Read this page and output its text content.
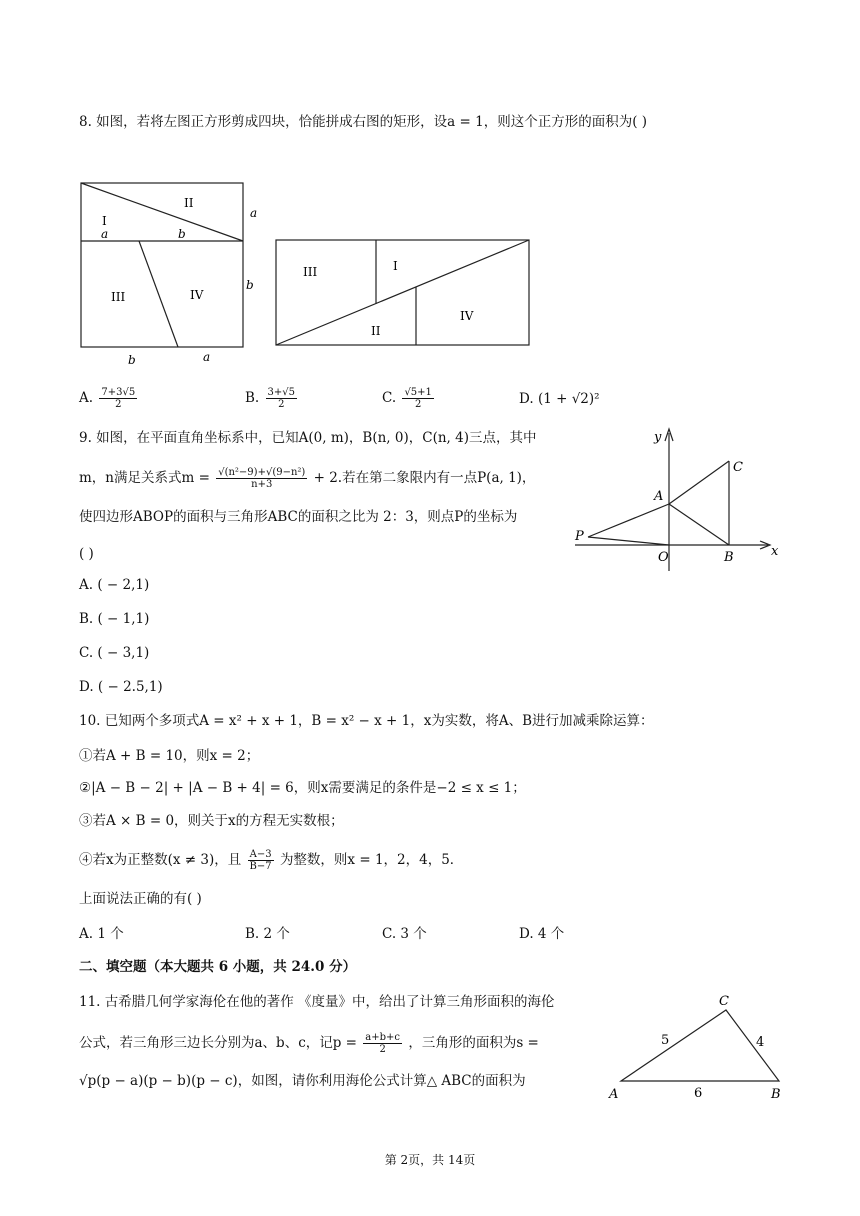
8. 如图，若将左图正方形剪成四块，恰能拼成右图的矩形，设a = 1，则这个正方形的面积为( )
II
I
a	b
III	IV
a
b
b	a
III	I
II
IV
A. $\frac{7+3√5}{2}$	B. $\frac{3+√5}{2}$	C. $\frac{√5+1}{2}$	D. (1 + √2)²
9. 如图，在平面直角坐标系中，已知A(0, m)，B(n, 0)，C(n, 4)三点，其中
m，n满足关系式$m = \frac{\text{√(n²−9)+√(9−n²)}}{n+3} + 2$.若在第二象限内有一点P(a, 1)，
使四边形ABOP的面积与三角形ABC的面积之比为 2：3，则点P的坐标为
( )
y
x
A
C
B
O
P
A. ( − 2,1)
B. ( − 1,1)
C. ( − 3,1)
D. ( − 2.5,1)
10. 已知两个多项式A = x² + x + 1，B = x² − x + 1，x为实数，将A、B进行加减乘除运算：
①若A + B = 10，则x = 2；
②|A − B − 2| + |A − B + 4| = 6，则x需要满足的条件是−2 ≤ x ≤ 1；
③若A × B = 0，则关于x的方程无实数根；
④若x为正整数(x ≠ 3)，且 $\frac{A-3}{B-7}$ 为整数，则x = 1，2，4，5．
上面说法正确的有( )
A. 1 个	B. 2 个	C. 3 个	D. 4 个
二、填空题（本大题共 6 小题，共 24.0 分）
11. 古希腊几何学家海伦在他的著作 《度量》中，给出了计算三角形面积的海伦
公式，若三角形三边长分别为a、b、c，记$p = \frac{a+b+c}{2}$ ，三角形的面积为s =
√p(p − a)(p − b)(p − c)，如图，请你利用海伦公式计算△ ABC的面积为
C
A	B
5	4
6
第 2页，共 14页
